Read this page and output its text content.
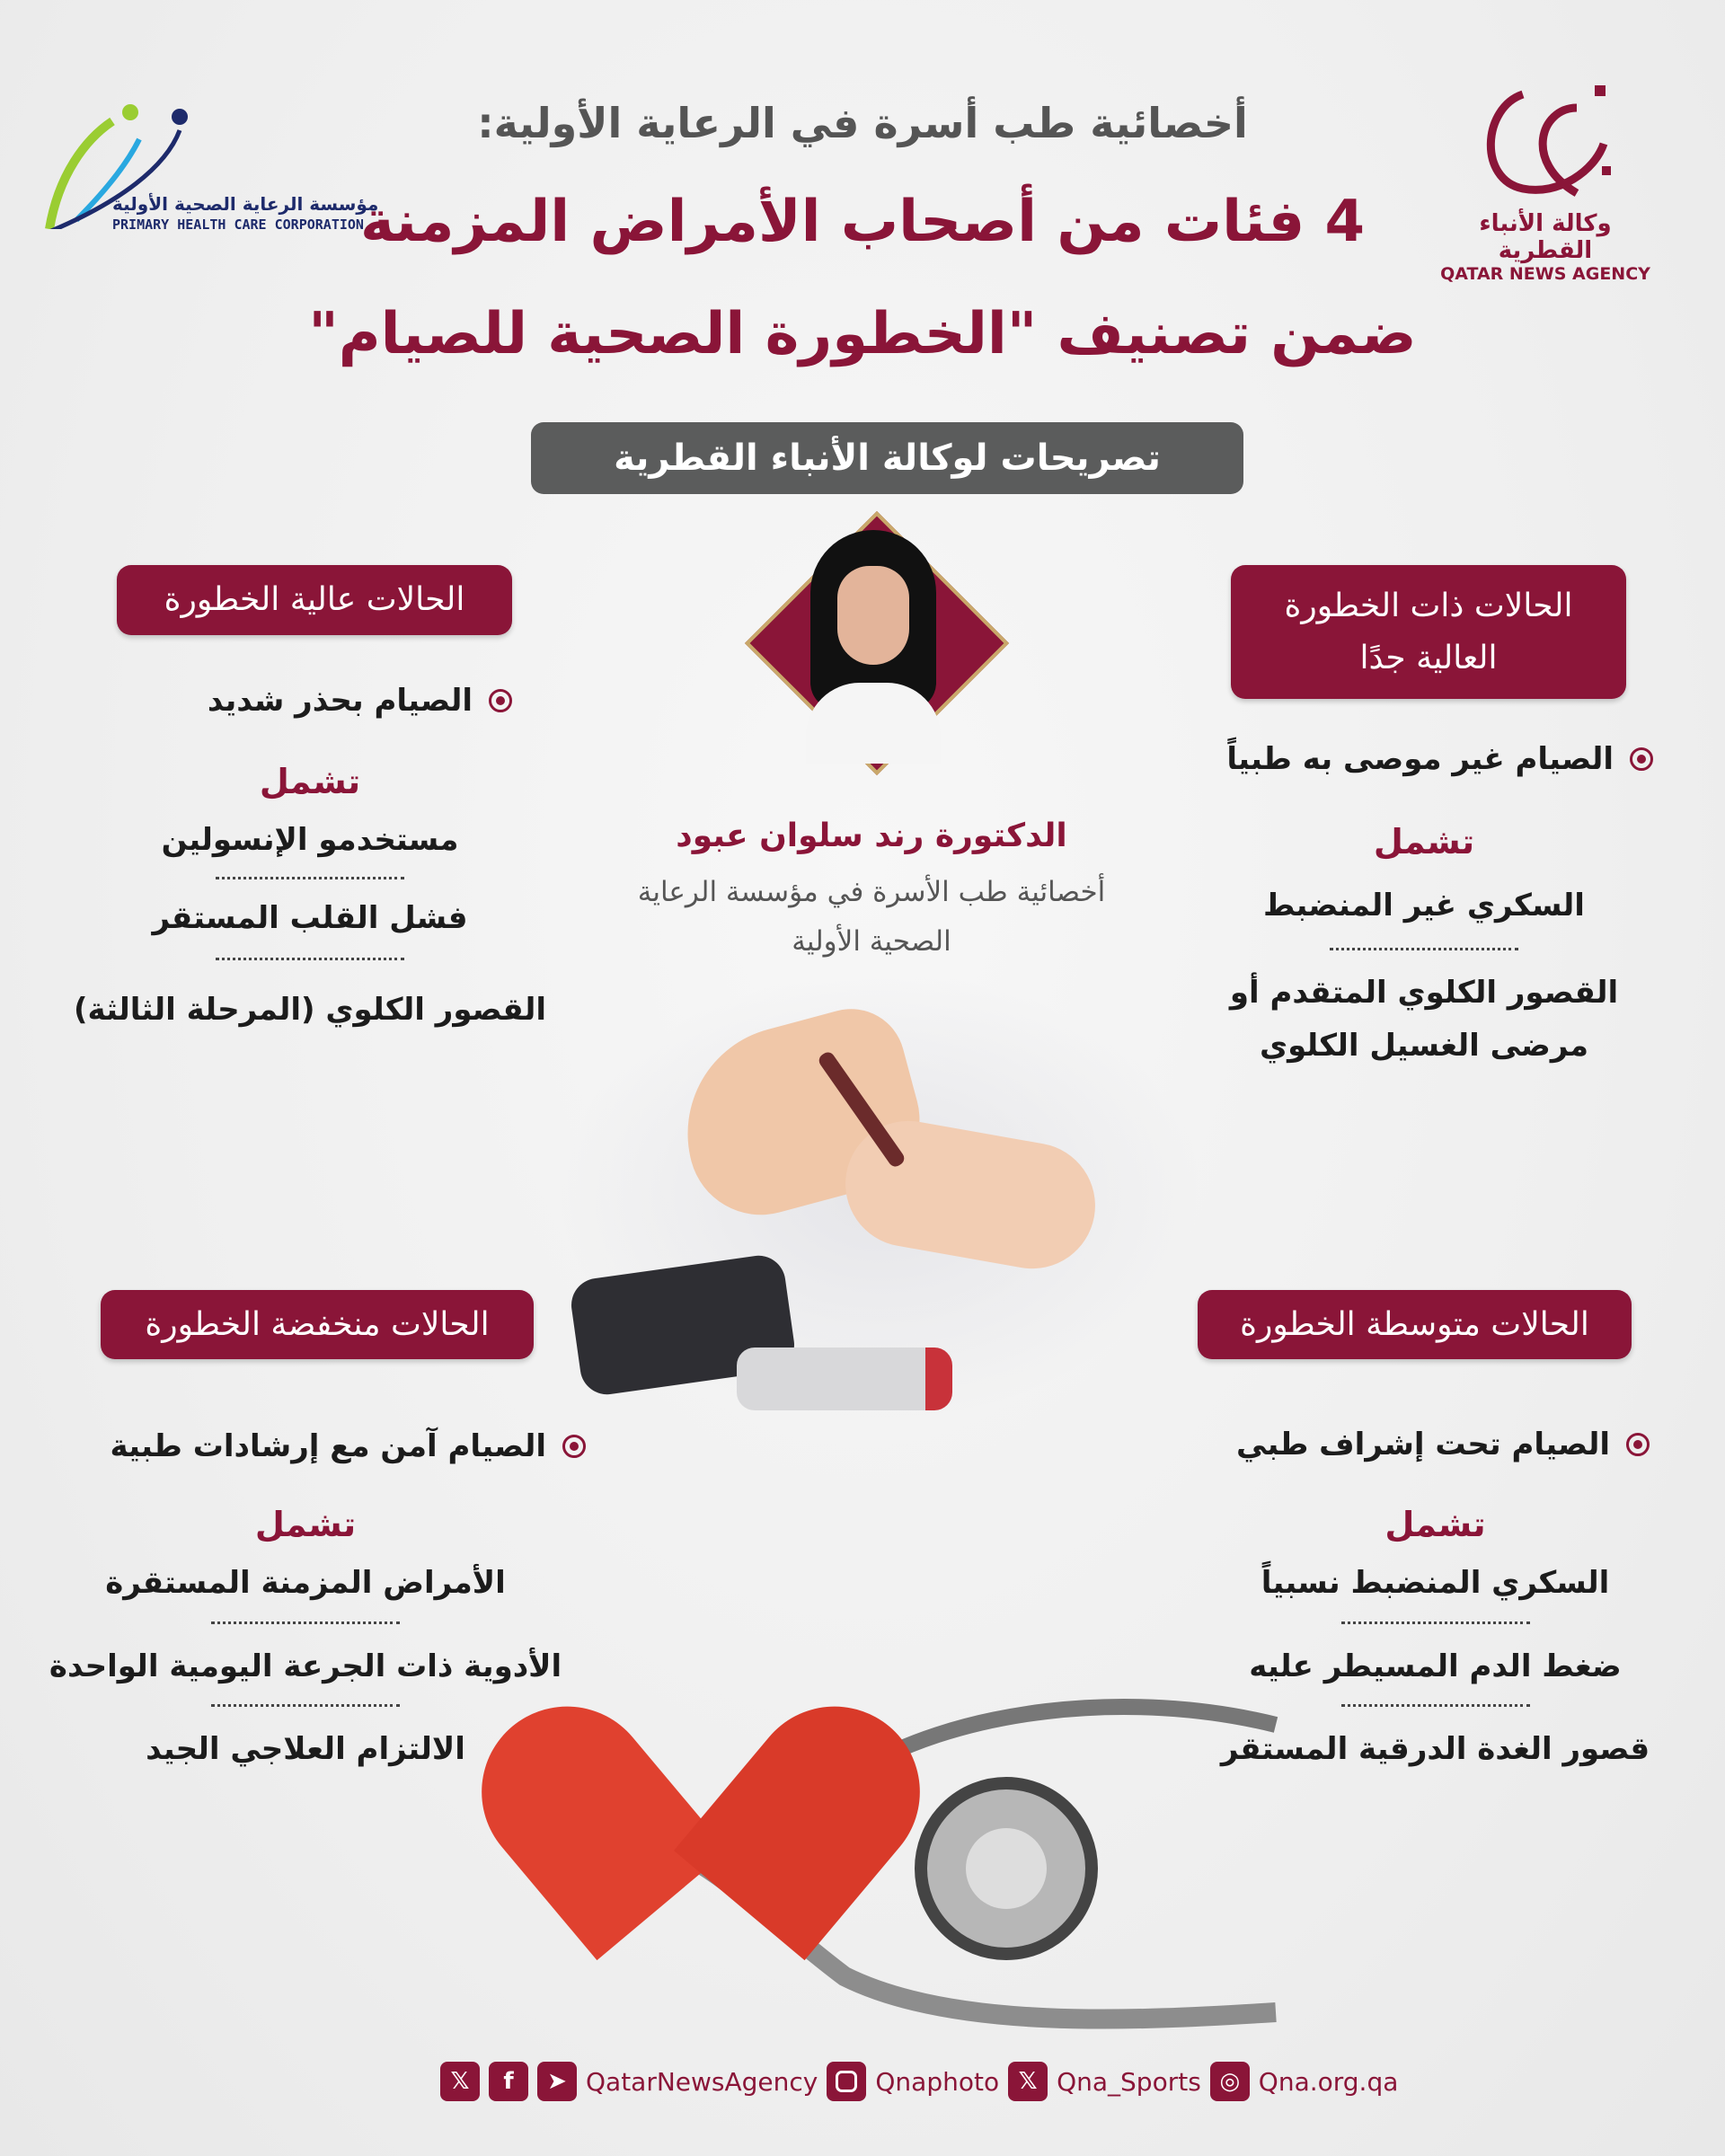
وكالة الأنباء القطرية
QATAR NEWS AGENCY
مؤسسة الرعاية الصحية الأولية
PRIMARY HEALTH CARE CORPORATION
أخصائية طب أسرة في الرعاية الأولية:
4 فئات من أصحاب الأمراض المزمنة
ضمن تصنيف "الخطورة الصحية للصيام"
تصريحات لوكالة الأنباء القطرية
الدكتورة رند سلوان عبود
أخصائية طب الأسرة في مؤسسة الرعاية
الصحية الأولية
الحالات ذات الخطورة
العالية جدًا
الصيام غير موصى به طبياً
تشمل
السكري غير المنضبط
القصور الكلوي المتقدم أو
مرضى الغسيل الكلوي
الحالات عالية الخطورة
الصيام بحذر شديد
تشمل
مستخدمو الإنسولين
فشل القلب المستقر
القصور الكلوي (المرحلة الثالثة)
الحالات متوسطة الخطورة
الصيام تحت إشراف طبي
تشمل
السكري المنضبط نسبياً
ضغط الدم المسيطر عليه
قصور الغدة الدرقية المستقر
الحالات منخفضة الخطورة
الصيام آمن مع إرشادات طبية
تشمل
الأمراض المزمنة المستقرة
الأدوية ذات الجرعة اليومية الواحدة
الالتزام العلاجي الجيد
𝕏	f	➤ QatarNewsAgency Qnaphoto 𝕏 Qna_Sports ◎ Qna.org.qa
